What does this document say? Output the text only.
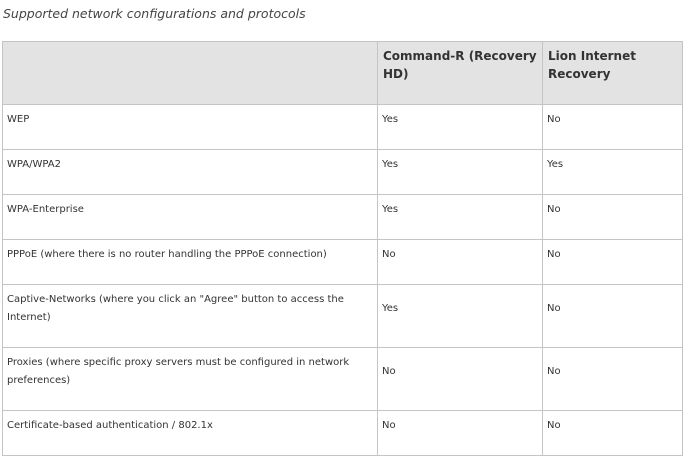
Supported network configurations and protocols

	Command-R (Recovery HD)	Lion Internet Recovery

WEP	Yes	No

WPA/WPA2	Yes	Yes

WPA-Enterprise	Yes	No

PPPoE (where there is no router handling the PPPoE connection)	No	No

Captive-Networks (where you click an "Agree" button to access the Internet)	Yes	No

Proxies (where specific proxy servers must be configured in network preferences)	No	No

Certificate-based authentication / 802.1x	No	No
